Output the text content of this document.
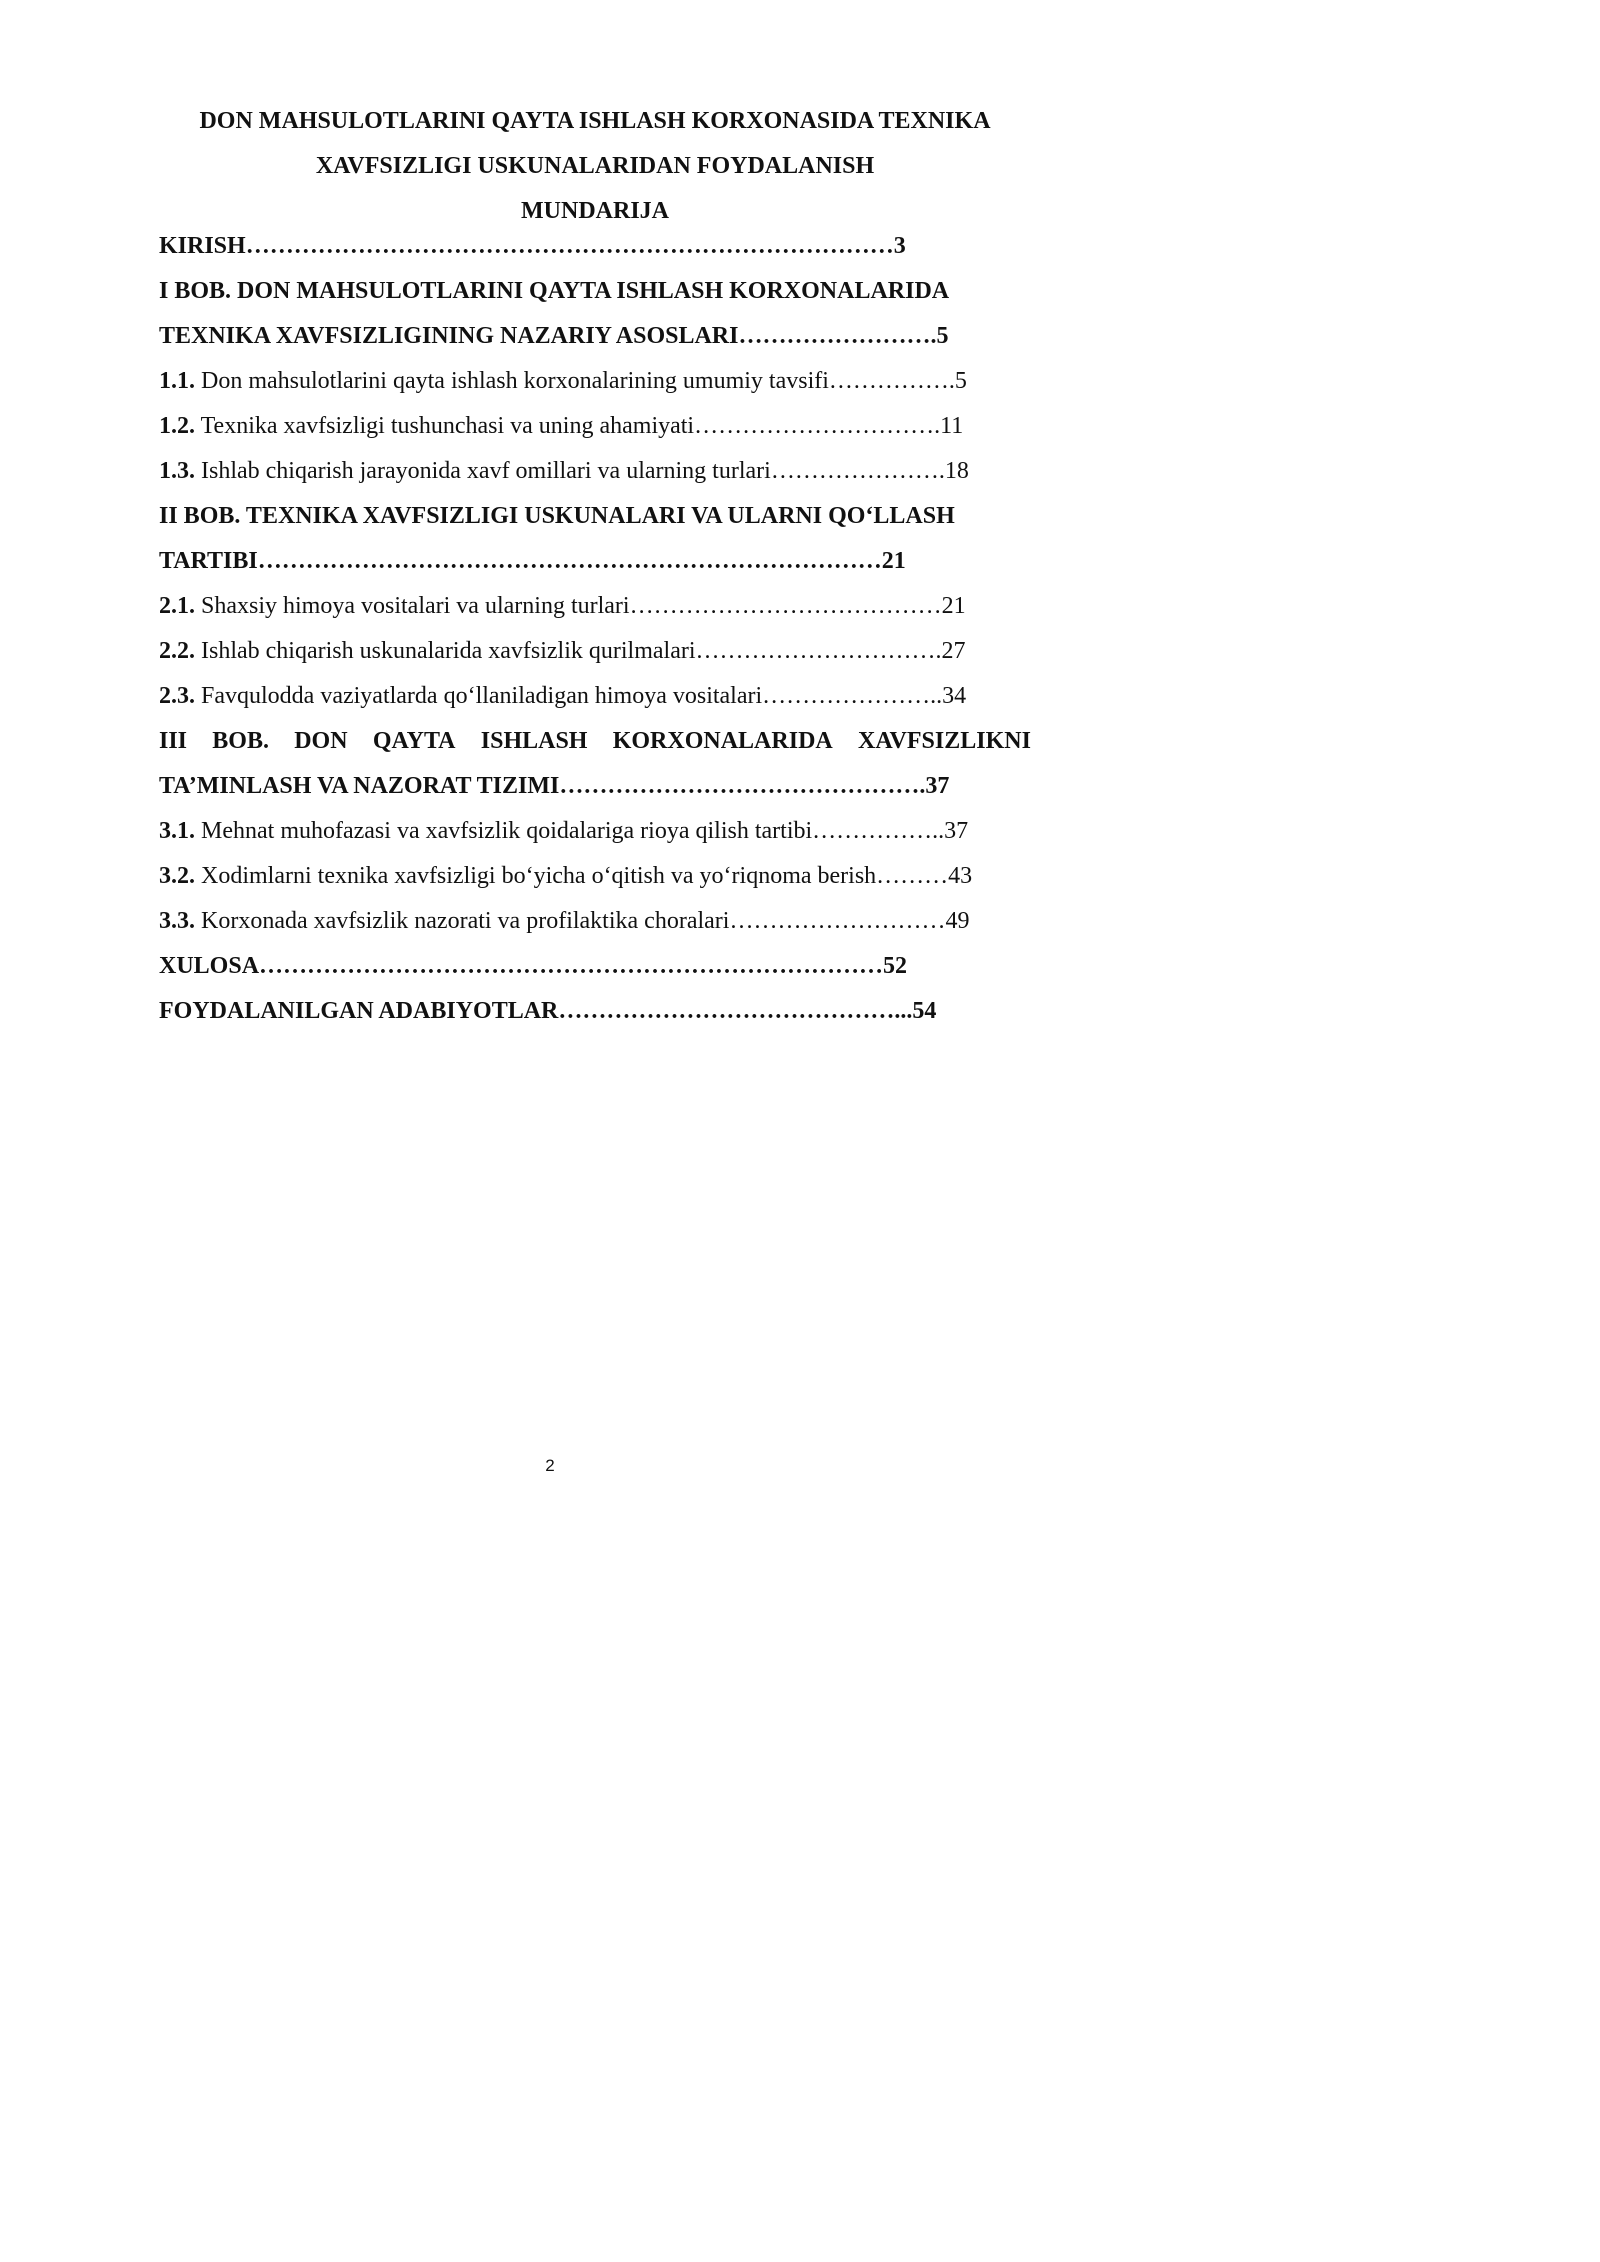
DON MAHSULOTLARINI QAYTA ISHLASH KORXONASIDA TEXNIKA
XAVFSIZLIGI USKUNALARIDAN FOYDALANISH
MUNDARIJA
KIRISH………………………………………………………………………3
I BOB. DON MAHSULOTLARINI QAYTA ISHLASH KORXONALARIDA
TEXNIKA XAVFSIZLIGINING NAZARIY ASOSLARI…………………….5
1.1. Don mahsulotlarini qayta ishlash korxonalarining umumiy tavsifi…………….5
1.2. Texnika xavfsizligi tushunchasi va uning ahamiyati………………………….11
1.3. Ishlab chiqarish jarayonida xavf omillari va ularning turlari………………….18
II BOB. TEXNIKA XAVFSIZLIGI USKUNALARI VA ULARNI QO‘LLASH
TARTIBI……………………………………………………………………21
2.1. Shaxsiy himoya vositalari va ularning turlari…………………………………21
2.2. Ishlab chiqarish uskunalarida xavfsizlik qurilmalari………………………….27
2.3. Favqulodda vaziyatlarda qo‘llaniladigan himoya vositalari…………………..34
III BOB. DON QAYTA ISHLASH KORXONALARIDA XAVFSIZLIKNI
TA’MINLASH VA NAZORAT TIZIMI……………………………………….37
3.1. Mehnat muhofazasi va xavfsizlik qoidalariga rioya qilish tartibi……………..37
3.2. Xodimlarni texnika xavfsizligi bo‘yicha o‘qitish va yo‘riqnoma berish………43
3.3. Korxonada xavfsizlik nazorati va profilaktika choralari………………………49
XULOSA……………………………………………………………………52
FOYDALANILGAN ADABIYOTLAR……………………………………...54
2
